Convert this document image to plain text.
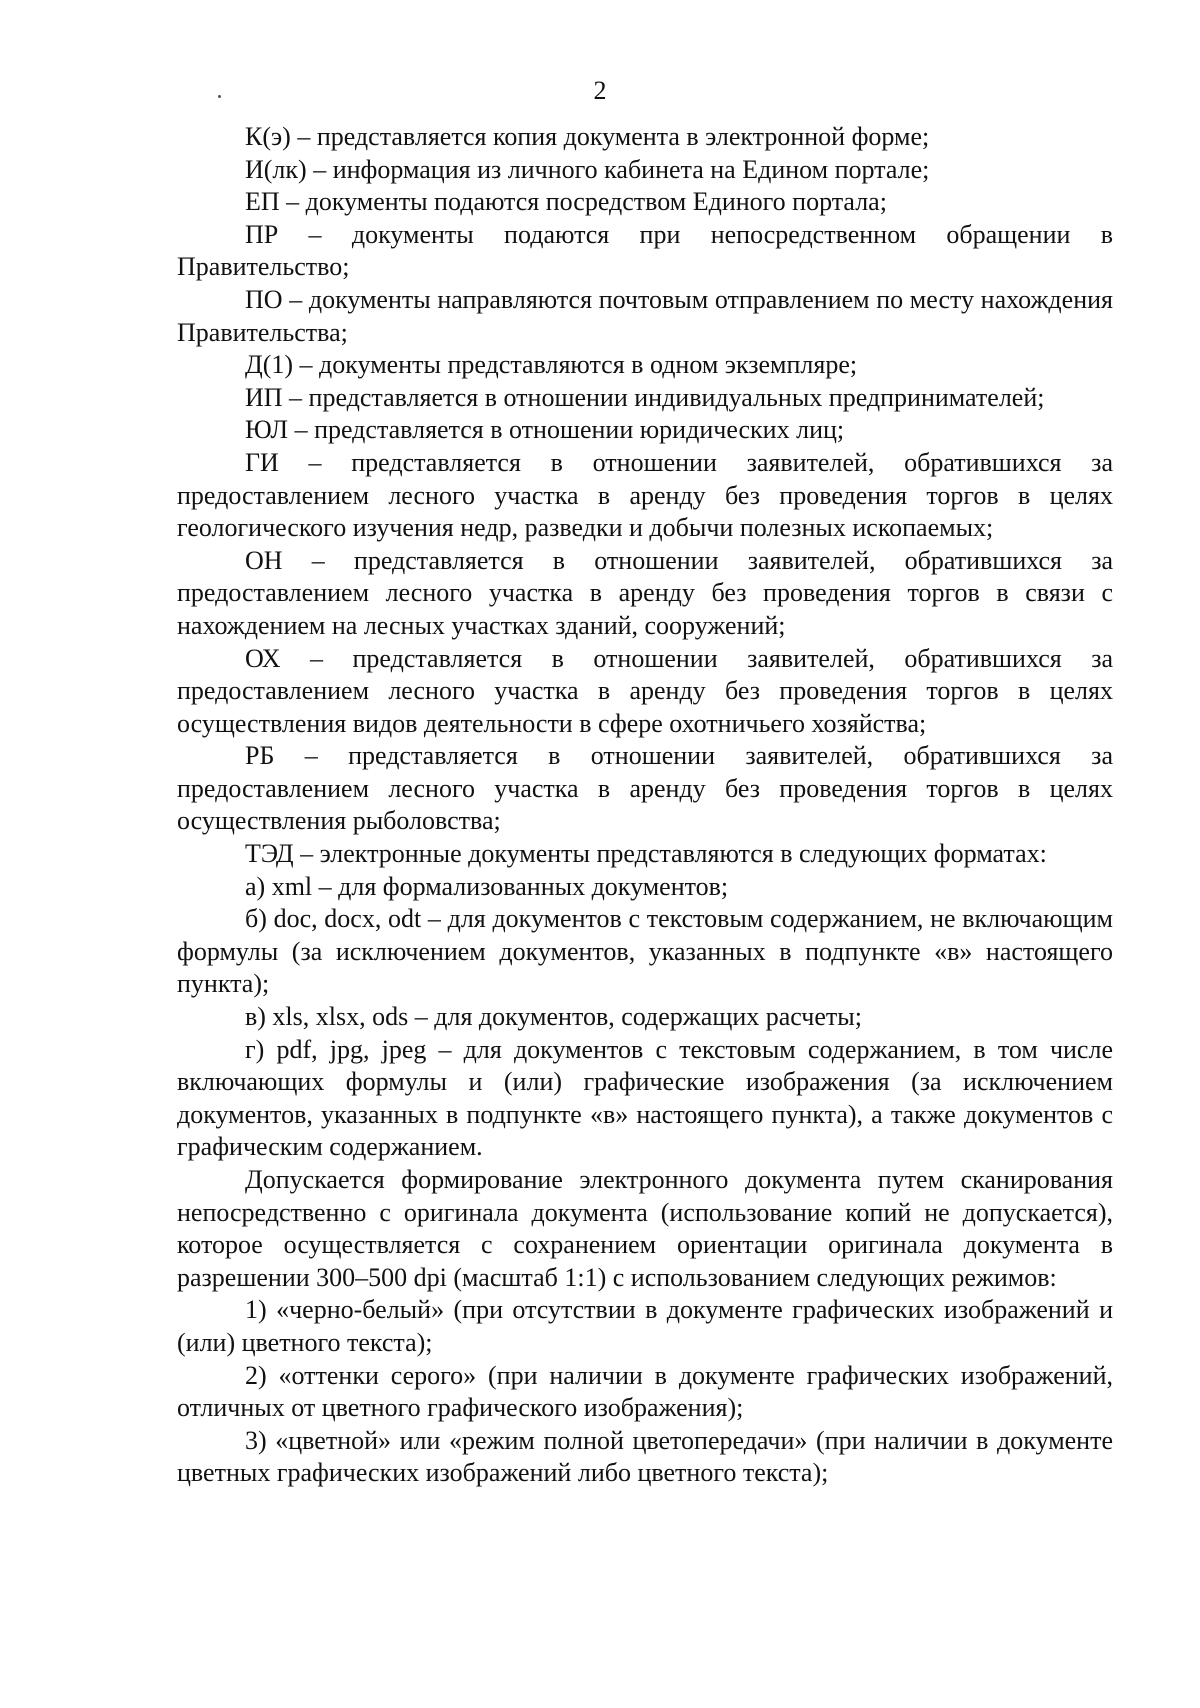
2

К(э) – представляется копия документа в электронной форме;

И(лк) – информация из личного кабинета на Едином портале;

ЕП – документы подаются посредством Единого портала;

ПР – документы подаются при непосредственном обращении в Правительство;

ПО – документы направляются почтовым отправлением по месту нахождения Правительства;

Д(1) – документы представляются в одном экземпляре;

ИП – представляется в отношении индивидуальных предпринимателей;

ЮЛ – представляется в отношении юридических лиц;

ГИ – представляется в отношении заявителей, обратившихся за предоставлением лесного участка в аренду без проведения торгов в целях геологического изучения недр, разведки и добычи полезных ископаемых;

ОН – представляется в отношении заявителей, обратившихся за предоставлением лесного участка в аренду без проведения торгов в связи с нахождением на лесных участках зданий, сооружений;

ОХ – представляется в отношении заявителей, обратившихся за предоставлением лесного участка в аренду без проведения торгов в целях осуществления видов деятельности в сфере охотничьего хозяйства;

РБ – представляется в отношении заявителей, обратившихся за предоставлением лесного участка в аренду без проведения торгов в целях осуществления рыболовства;

ТЭД – электронные документы представляются в следующих форматах:

а) xml – для формализованных документов;

б) doc, docx, odt – для документов с текстовым содержанием, не включающим формулы (за исключением документов, указанных в подпункте «в» настоящего пункта);

в) xls, xlsx, ods – для документов, содержащих расчеты;

г) pdf, jpg, jpeg – для документов с текстовым содержанием, в том числе включающих формулы и (или) графические изображения (за исключением документов, указанных в подпункте «в» настоящего пункта), а также документов с графическим содержанием.

Допускается формирование электронного документа путем сканирования непосредственно с оригинала документа (использование копий не допускается), которое осуществляется с сохранением ориентации оригинала документа в разрешении 300–500 dpi (масштаб 1:1) с использованием следующих режимов:

1) «черно-белый» (при отсутствии в документе графических изображений и (или) цветного текста);

2) «оттенки серого» (при наличии в документе графических изображений, отличных от цветного графического изображения);

3) «цветной» или «режим полной цветопередачи» (при наличии в документе цветных графических изображений либо цветного текста);
